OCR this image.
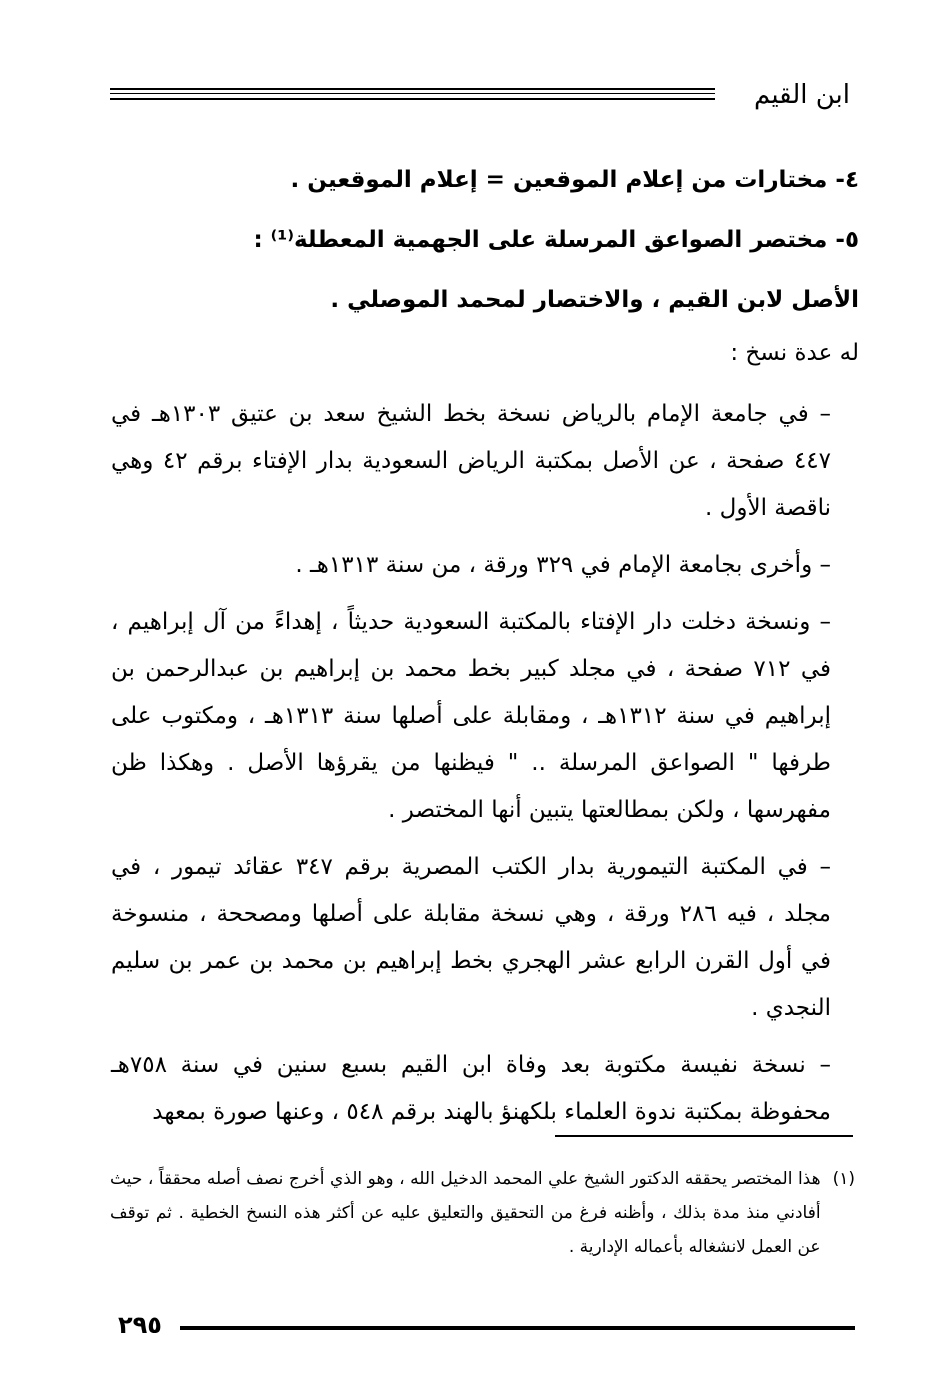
ابن القيم

٤- مختارات من إعلام الموقعين = إعلام الموقعين .

٥- مختصر الصواعق المرسلة على الجهمية المعطلة⁽¹⁾ :

الأصل لابن القيم ، والاختصار لمحمد الموصلي .

له عدة نسخ :

– في جامعة الإمام بالرياض نسخة بخط الشيخ سعد بن عتيق ١٣٠٣هـ في ٤٤٧ صفحة ، عن الأصل بمكتبة الرياض السعودية بدار الإفتاء برقم ٤٢ وهي ناقصة الأول .

– وأخرى بجامعة الإمام في ٣٢٩ ورقة ، من سنة ١٣١٣هـ .

– ونسخة دخلت دار الإفتاء بالمكتبة السعودية حديثاً ، إهداءً من آل إبراهيم ، في ٧١٢ صفحة ، في مجلد كبير بخط محمد بن إبراهيم بن عبدالرحمن بن إبراهيم في سنة ١٣١٢هـ ، ومقابلة على أصلها سنة ١٣١٣هـ ، ومكتوب على طرفها " الصواعق المرسلة .. " فيظنها من يقرؤها الأصل . وهكذا ظن مفهرسها ، ولكن بمطالعتها يتبين أنها المختصر .

– في المكتبة التيمورية بدار الكتب المصرية برقم ٣٤٧ عقائد تيمور ، في مجلد ، فيه ٢٨٦ ورقة ، وهي نسخة مقابلة على أصلها ومصححة ، منسوخة في أول القرن الرابع عشر الهجري بخط إبراهيم بن محمد بن عمر بن سليم النجدي .

– نسخة نفيسة مكتوبة بعد وفاة ابن القيم بسبع سنين في سنة ٧٥٨هـ محفوظة بمكتبة ندوة العلماء بلكهنؤ بالهند برقم ٥٤٨ ، وعنها صورة بمعهد

(١)
هذا المختصر يحققه الدكتور الشيخ علي المحمد الدخيل الله ، وهو الذي أخرج نصف أصله محققاً ، حيث أفادني منذ مدة بذلك ، وأظنه فرغ من التحقيق والتعليق عليه عن أكثر هذه النسخ الخطية . ثم توقف عن العمل لانشغاله بأعماله الإدارية .

٢٩٥
